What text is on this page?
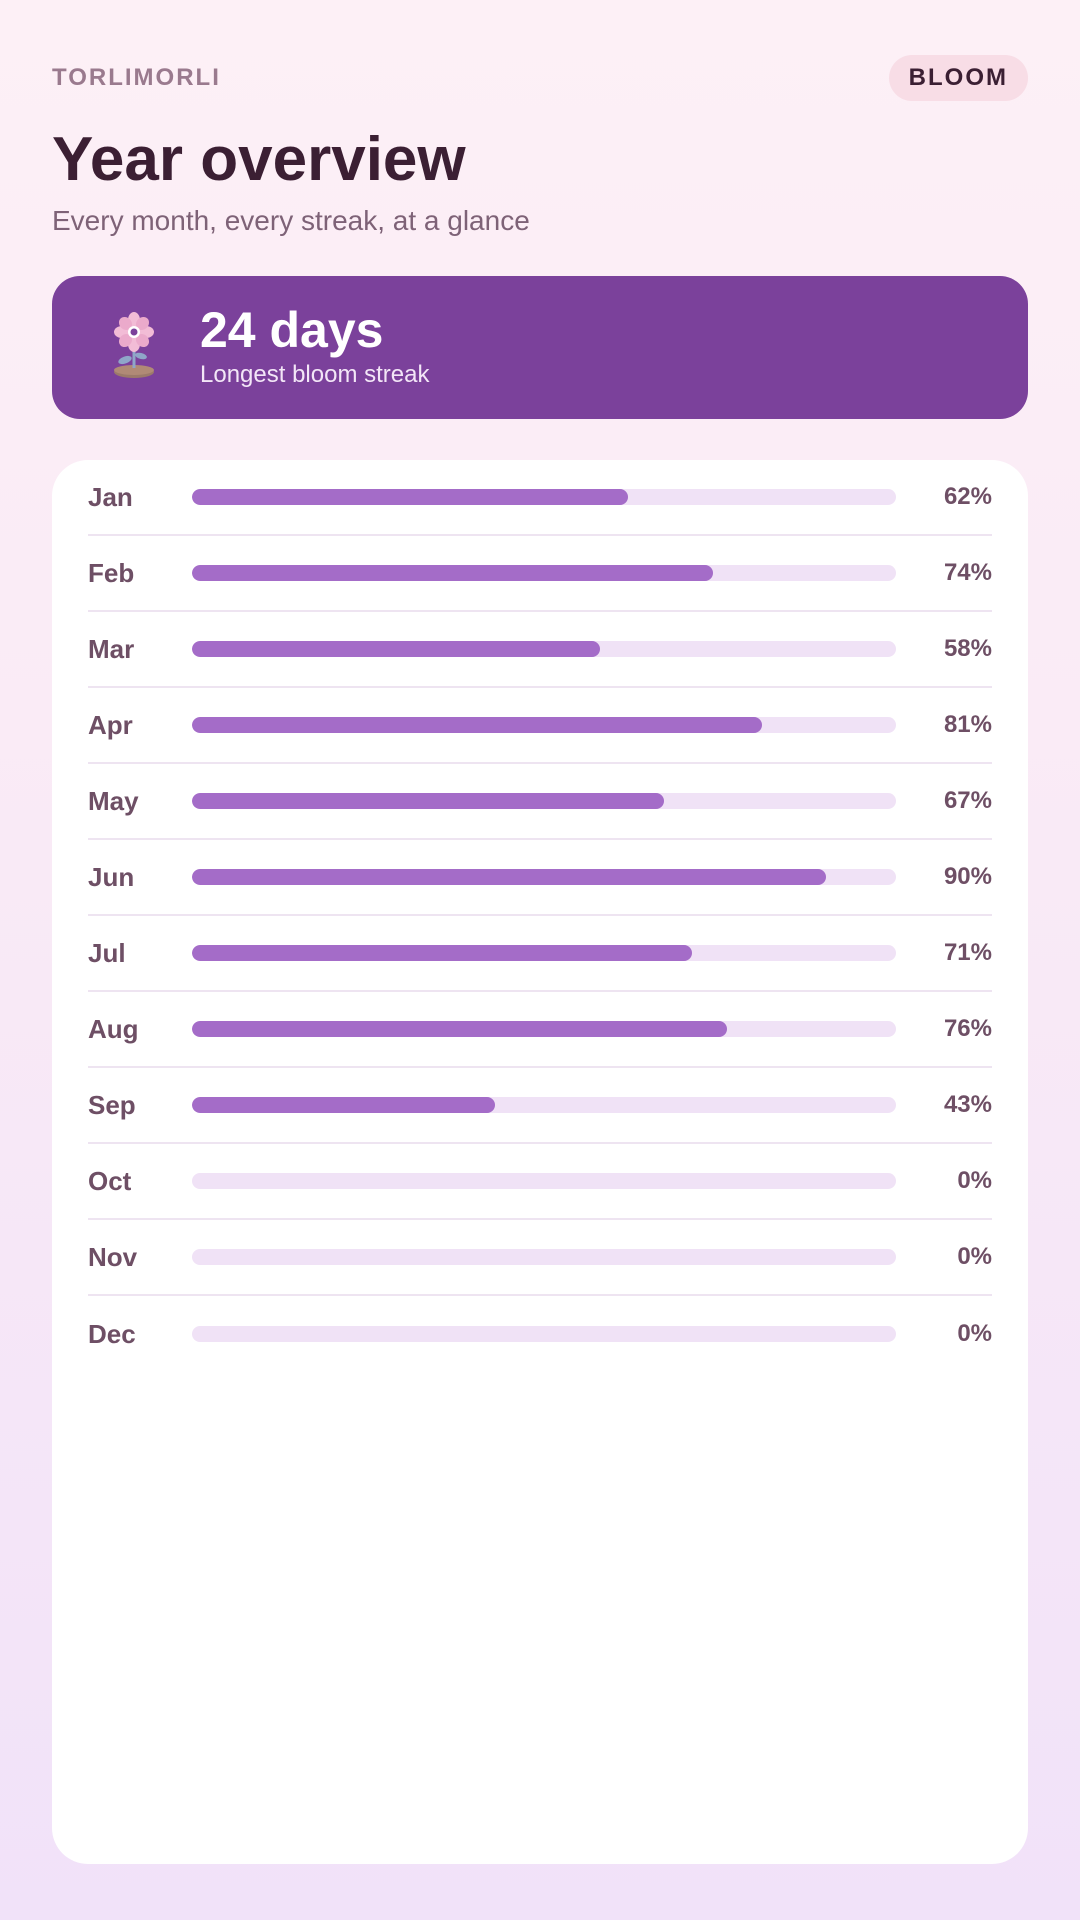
TORLIMORLI	BLOOM
Year overview
Every month, every streak, at a glance
24 days
Longest bloom streak
Jan	62%
Feb	74%
Mar	58%
Apr	81%
May	67%
Jun	90%
Jul	71%
Aug	76%
Sep	43%
Oct	0%
Nov	0%
Dec	0%
